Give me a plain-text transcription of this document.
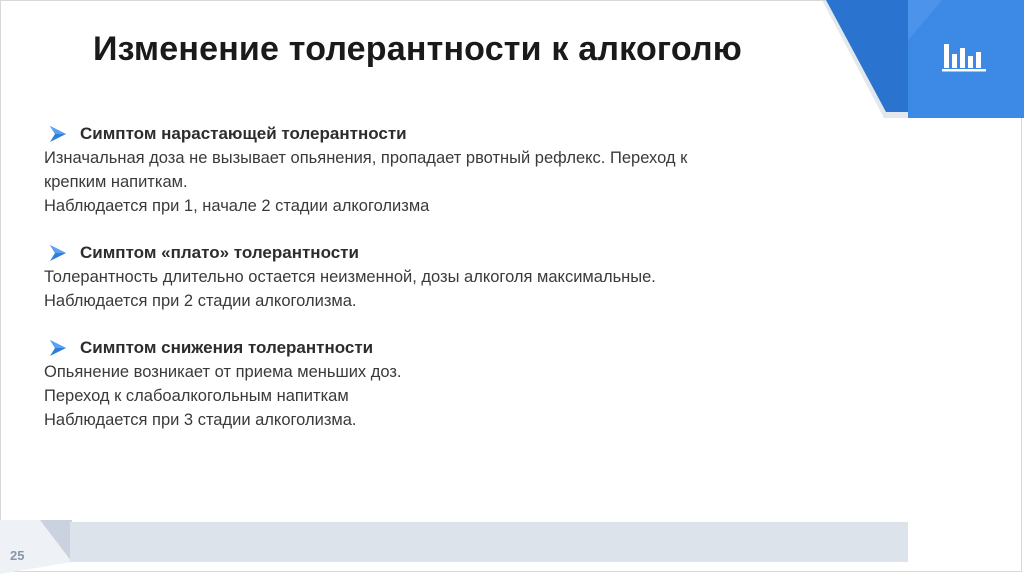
Изменение толерантности к алкоголю
Симптом нарастающей толерантности
Изначальная доза не вызывает опьянения, пропадает рвотный рефлекс. Переход к
крепким напиткам.
Наблюдается при 1, начале 2 стадии алкоголизма
Симптом «плато» толерантности
Толерантность длительно остается неизменной, дозы алкоголя максимальные.
Наблюдается при 2 стадии алкоголизма.
Симптом снижения толерантности
Опьянение возникает от приема меньших доз.
Переход к слабоалкогольным напиткам
Наблюдается при 3 стадии алкоголизма.
25
